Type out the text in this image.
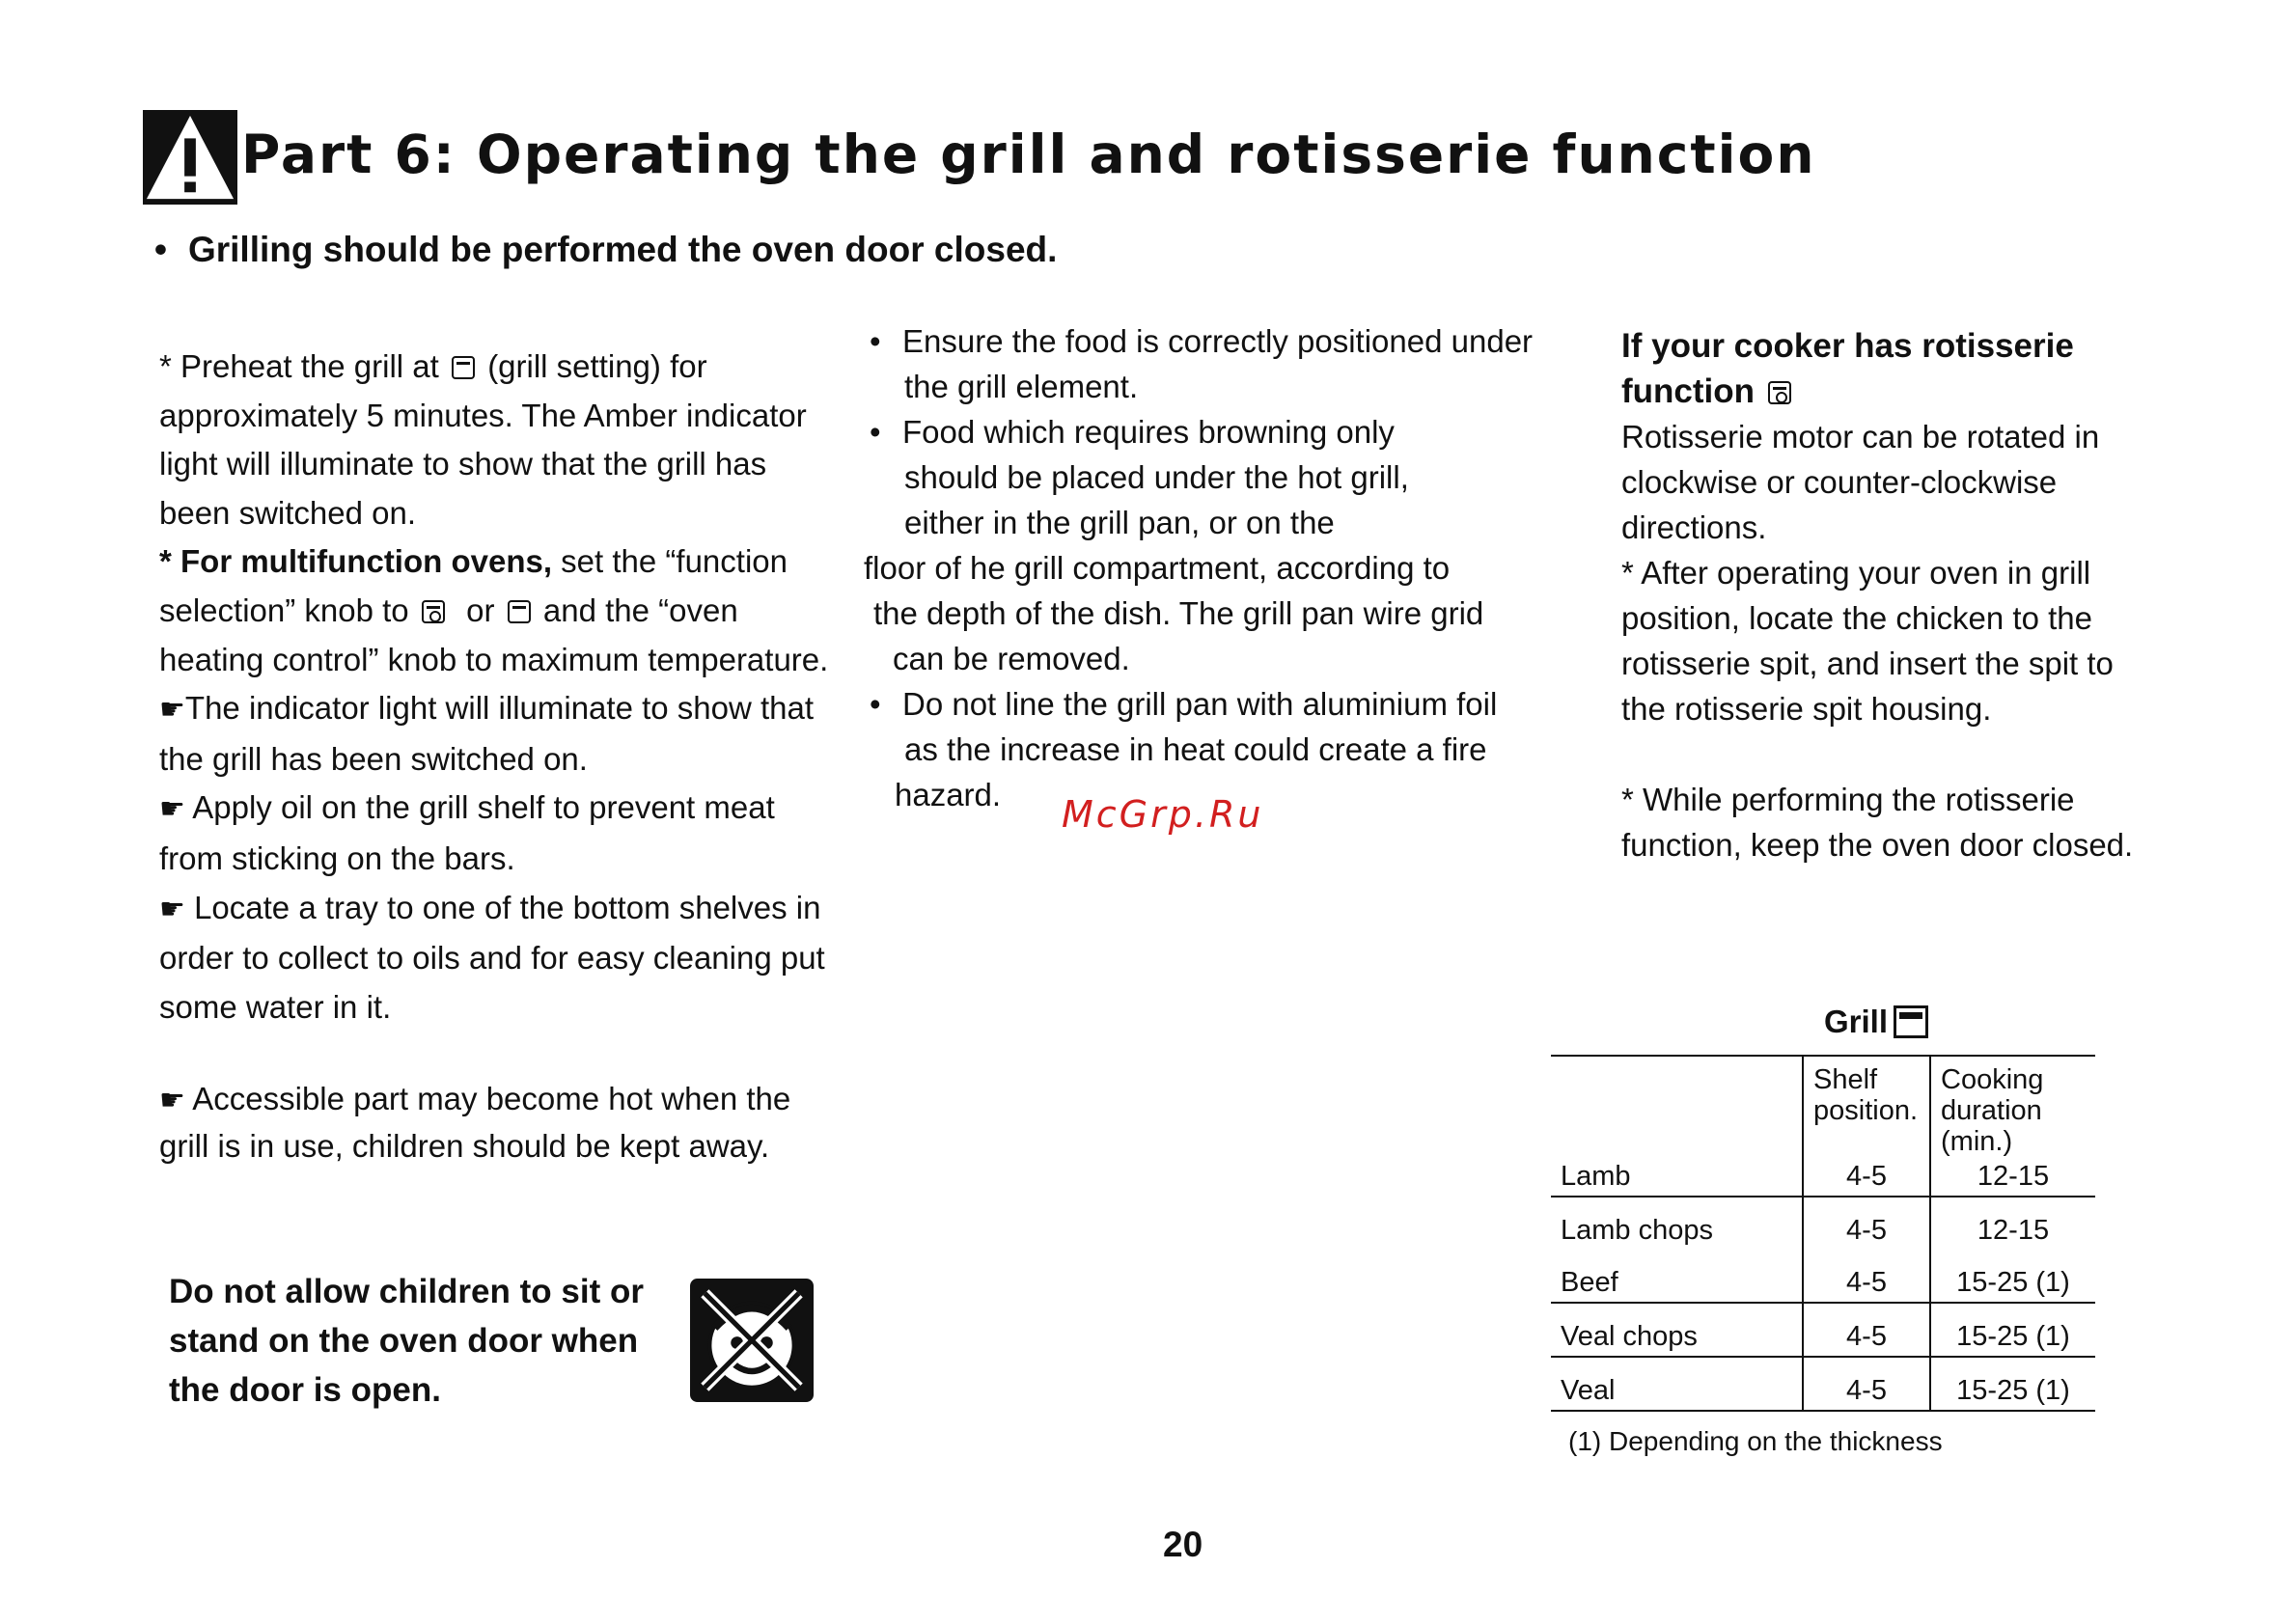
Part 6: Operating the grill and rotisserie function
• Grilling should be performed the oven door closed.

* Preheat the grill at (grill setting) for approximately 5 minutes. The Amber indicator light will illuminate to show that the grill has been switched on.

* For multifunction ovens, set the “function selection” knob to or and the “oven heating control” knob to maximum temperature.

☛The indicator light will illuminate to show that the grill has been switched on.

☛ Apply oil on the grill shelf to prevent meat from sticking on the bars.

☛ Locate a tray to one of the bottom shelves in order to collect to oils and for easy cleaning put some water in it.

☛ Accessible part may become hot when the grill is in use, children should be kept away.

Do not allow children to sit or stand on the oven door when the door is open.
• Ensure the food is correctly positioned under
the grill element.
• Food which requires browning only
should be placed under the hot grill,
either in the grill pan, or on the
floor of he grill compartment, according to
the depth of the dish. The grill pan wire grid
can be removed.
• Do not line the grill pan with aluminium foil
as the increase in heat could create a fire
hazard.	McGrp.Ru

If your cooker has rotisserie function

Rotisserie motor can be rotated in clockwise or counter-clockwise directions.

* After operating your oven in grill position, locate the chicken to the rotisserie spit, and insert the spit to the rotisserie spit housing.

* While performing the rotisserie function, keep the oven door closed.

Grill
	Shelf position.	Cooking duration (min.)
Lamb	4-5	12-15
Lamb chops	4-5	12-15
Beef	4-5	15-25 (1)
Veal chops	4-5	15-25 (1)
Veal	4-5	15-25 (1)
(1) Depending on the thickness
20
